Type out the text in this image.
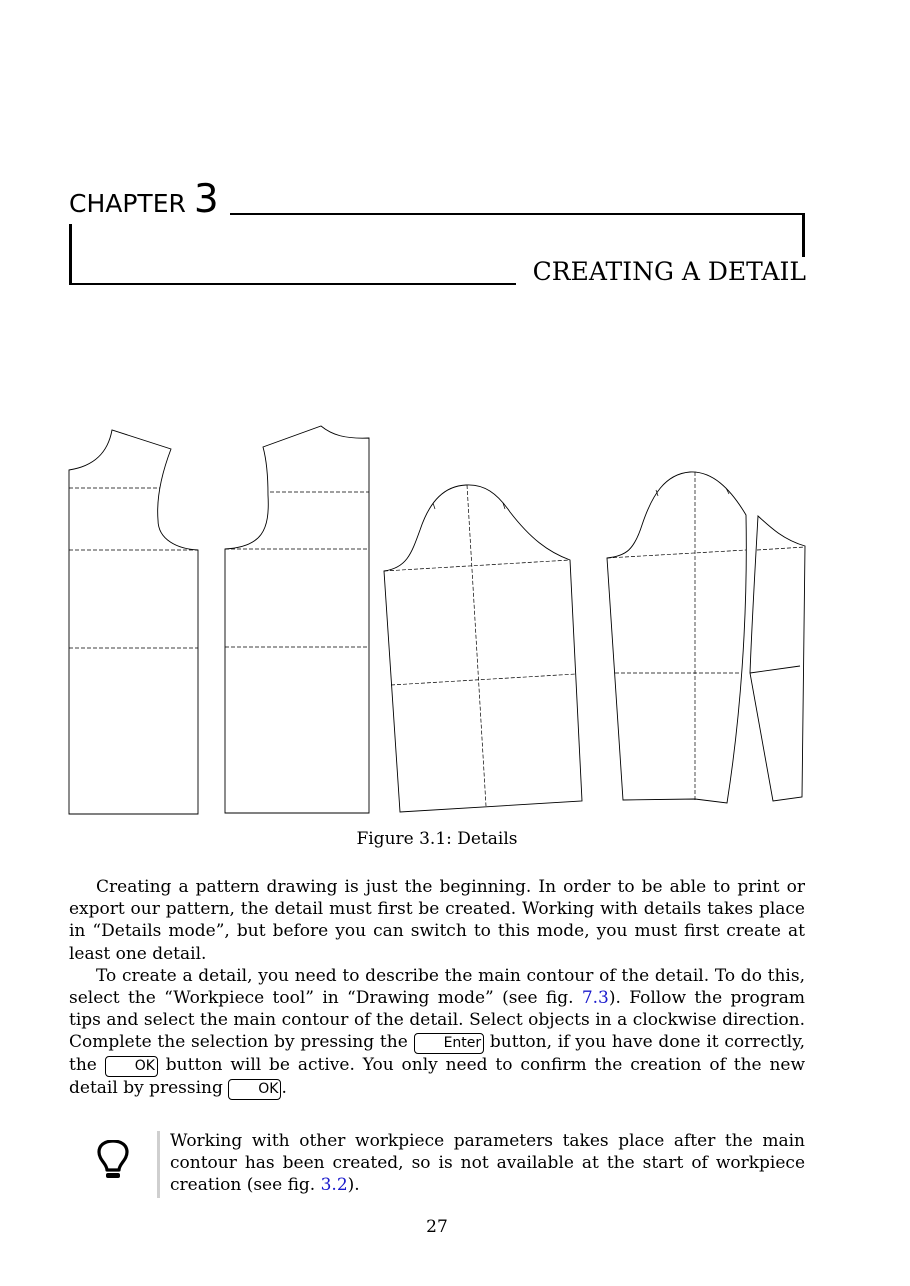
CHAPTER 3
CREATING A DETAIL
Figure 3.1: Details

Creating a pattern drawing is just the beginning. In order to be able to print or export our pattern, the detail must first be created. Working with details takes place in “Details mode”, but before you can switch to this mode, you must first create at least one detail.

To create a detail, you need to describe the main contour of the detail. To do this, select the “Workpiece tool” in “Drawing mode” (see fig. 7.3). Follow the program tips and select the main contour of the detail. Select objects in a clockwise direction. Complete the selection by pressing the Enter button, if you have done it correctly, the OK button will be active. You only need to confirm the creation of the new detail by pressing OK .

Working with other workpiece parameters takes place after the main contour has been created, so is not available at the start of workpiece creation (see fig. 3.2).

27
